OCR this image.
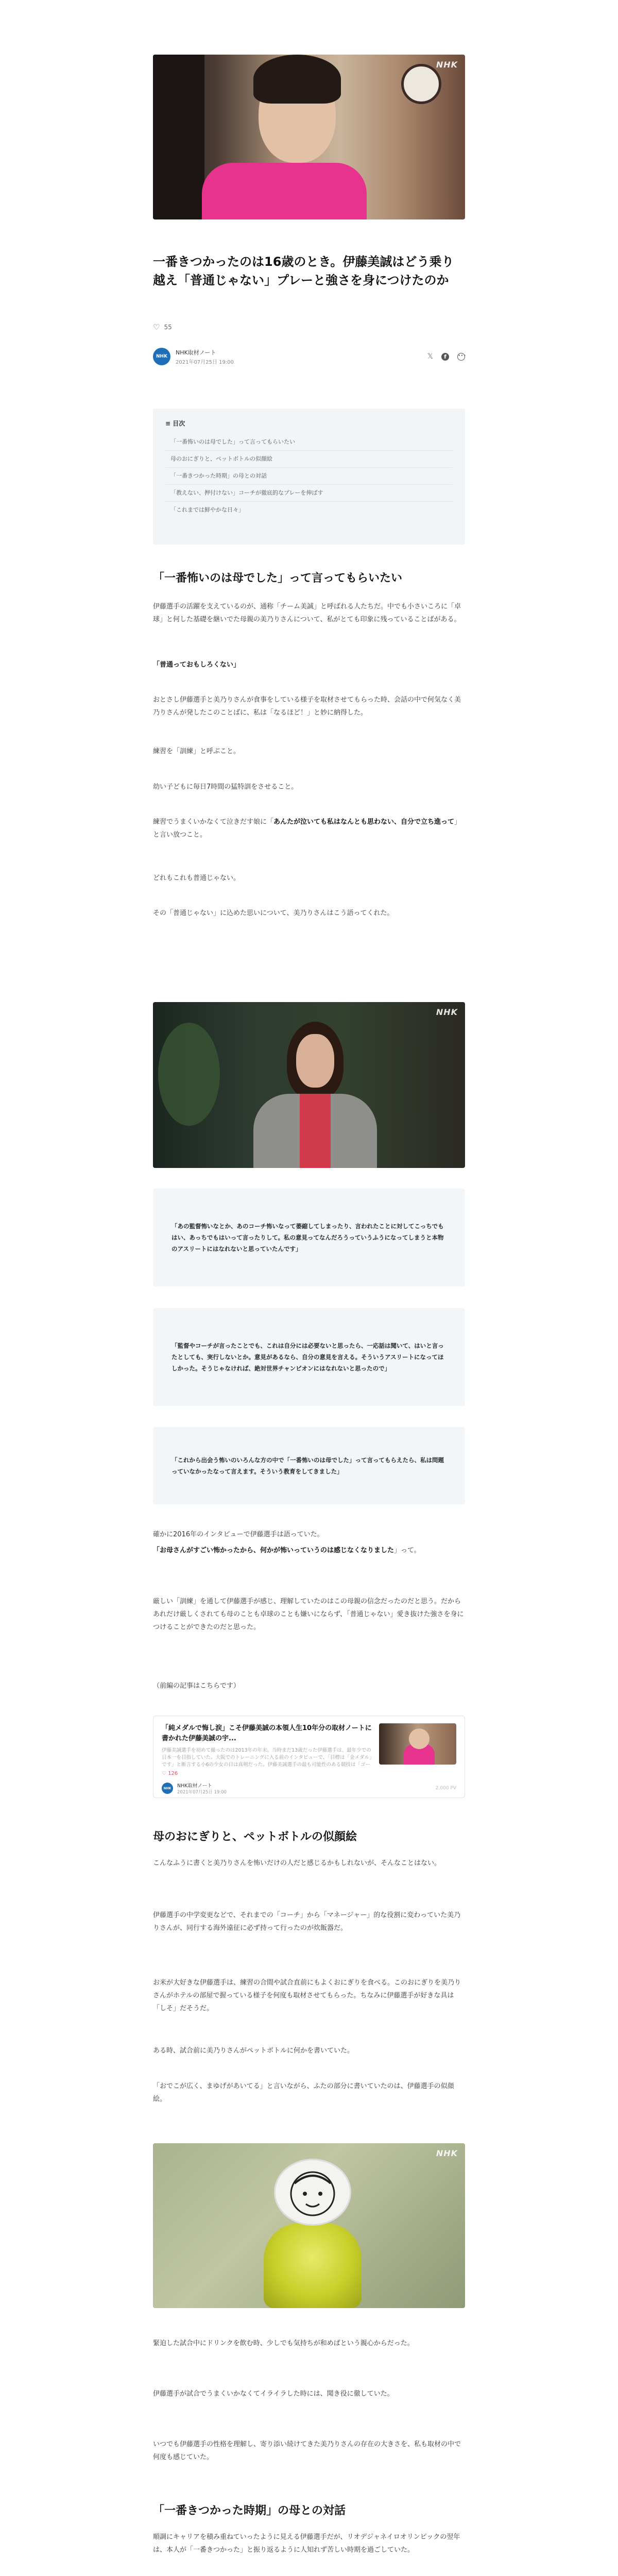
NHK
一番きつかったのは16歳のとき。伊藤美誠はどう乗り越え「普通じゃない」プレーと強さを身につけたのか
♡ 55
NHK
NHK取材ノート
2021年07月25日 19:00
𝕏	f	•••
≡ 目次
「一番怖いのは母でした」って言ってもらいたい
母のおにぎりと、ペットボトルの似顔絵
「一番きつかった時期」の母との対話
「教えない、押付けない」コーチが徹底的なプレーを伸ばす
「これまでは鮮やかな日々」
「一番怖いのは母でした」って言ってもらいたい
伊藤選手の活躍を支えているのが、通称「チーム美誠」と呼ばれる人たちだ。中でも小さいころに「卓球」と何した基礎を継いでた母親の美乃りさんについて、私がとても印象に残っていることばがある。
「普通っておもしろくない」
おとさし伊藤選手と美乃りさんが食事をしている様子を取材させてもらった時、会話の中で何気なく美乃りさんが発したこのことばに、私は「なるほど！」と妙に納得した。
練習を「訓練」と呼ぶこと。
幼い子どもに毎日7時間の猛特訓をさせること。
練習でうまくいかなくて泣きだす娘に「あんたが泣いても私はなんとも思わない、自分で立ち進って」と言い放つこと。
どれもこれも普通じゃない。
その「普通じゃない」に込めた思いについて、美乃りさんはこう語ってくれた。
NHK
「あの監督怖いなとか、あのコーチ怖いなって萎縮してしまったり、言われたことに対してこっちでもはい、あっちでもはいって言ったりして。私の意見ってなんだろうっていうふうになってしまうと本物のアスリートにはなれないと思っていたんです」
「監督やコーチが言ったことでも、これは自分には必要ないと思ったら、一応話は聞いて、はいと言ったとしても、実行しないとか。意見があるなら、自分の意見を言える。そういうアスリートになってほしかった。そうじゃなければ、絶対世界チャンピオンにはなれないと思ったので」
「これから出会う怖いのいろんな方の中で「一番怖いのは母でした」って言ってもらえたら、私は問題っていなかったなって言えます。そういう教育をしてきました」
確かに2016年のインタビューで伊藤選手は語っていた。
「お母さんがすごい怖かったから、何かが怖いっていうのは感じなくなりました」って。
厳しい「訓練」を通して伊藤選手が感じ、理解していたのはこの母親の信念だったのだと思う。だからあれだけ厳しくされても母のことも卓球のことも嫌いにならず、「普通じゃない」愛き抜けた強さを身につけることができたのだと思った。
（前編の記事はこちらです）
「純メダルで悔し涙」こそ伊藤美誠の本領人生10年分の取材ノートに書かれた伊藤美誠の宇...
伊藤美誠選手を初めて撮ったのは2013年の年末。当時まだ13歳だった伊藤選手は、最年少での日本一を目指していた。大阪でのトレーニングに入る前のインタビューで、「目標は「金メダル」です」と断言する小6の少女の目は真剣だった。伊藤美誠選手の最も可能性のある競技は「ゴー
♡ 126
NHK	NHK取材ノート
2021年07月25日 19:00
2,000 PV
母のおにぎりと、ペットボトルの似顔絵
こんなふうに書くと美乃りさんを怖いだけの人だと感じるかもしれないが、そんなことはない。
伊藤選手の中学変更などで、それまでの「コーチ」から「マネージャー」的な役割に変わっていた美乃りさんが、同行する海外遠征に必ず持って行ったのが炊飯器だ。
お米が大好きな伊藤選手は、練習の合間や試合直前にもよくおにぎりを食べる。このおにぎりを美乃りさんがホテルの部屋で握っている様子を何度も取材させてもらった。ちなみに伊藤選手が好きな具は「しそ」だそうだ。
ある時、試合前に美乃りさんがペットボトルに何かを書いていた。
「おでこが広く、まゆげがあいてる」と言いながら、ふたの部分に書いていたのは、伊藤選手の似顔絵。
NHK
緊迫した試合中にドリンクを飲む時、少しでも気持ちが和めばという親心からだった。
伊藤選手が試合でうまくいかなくてイライラした時には、聞き役に徹していた。
いつでも伊藤選手の性格を理解し、寄り添い続けてきた美乃りさんの存在の大きさを、私も取材の中で何度も感じていた。
「一番きつかった時期」の母との対話
順調にキャリアを積み重ねていったように見える伊藤選手だが、リオデジャネイロオリンピックの翌年は、本人が「一番きつかった」と振り返るように人知れず苦しい時期を過ごしていた。
